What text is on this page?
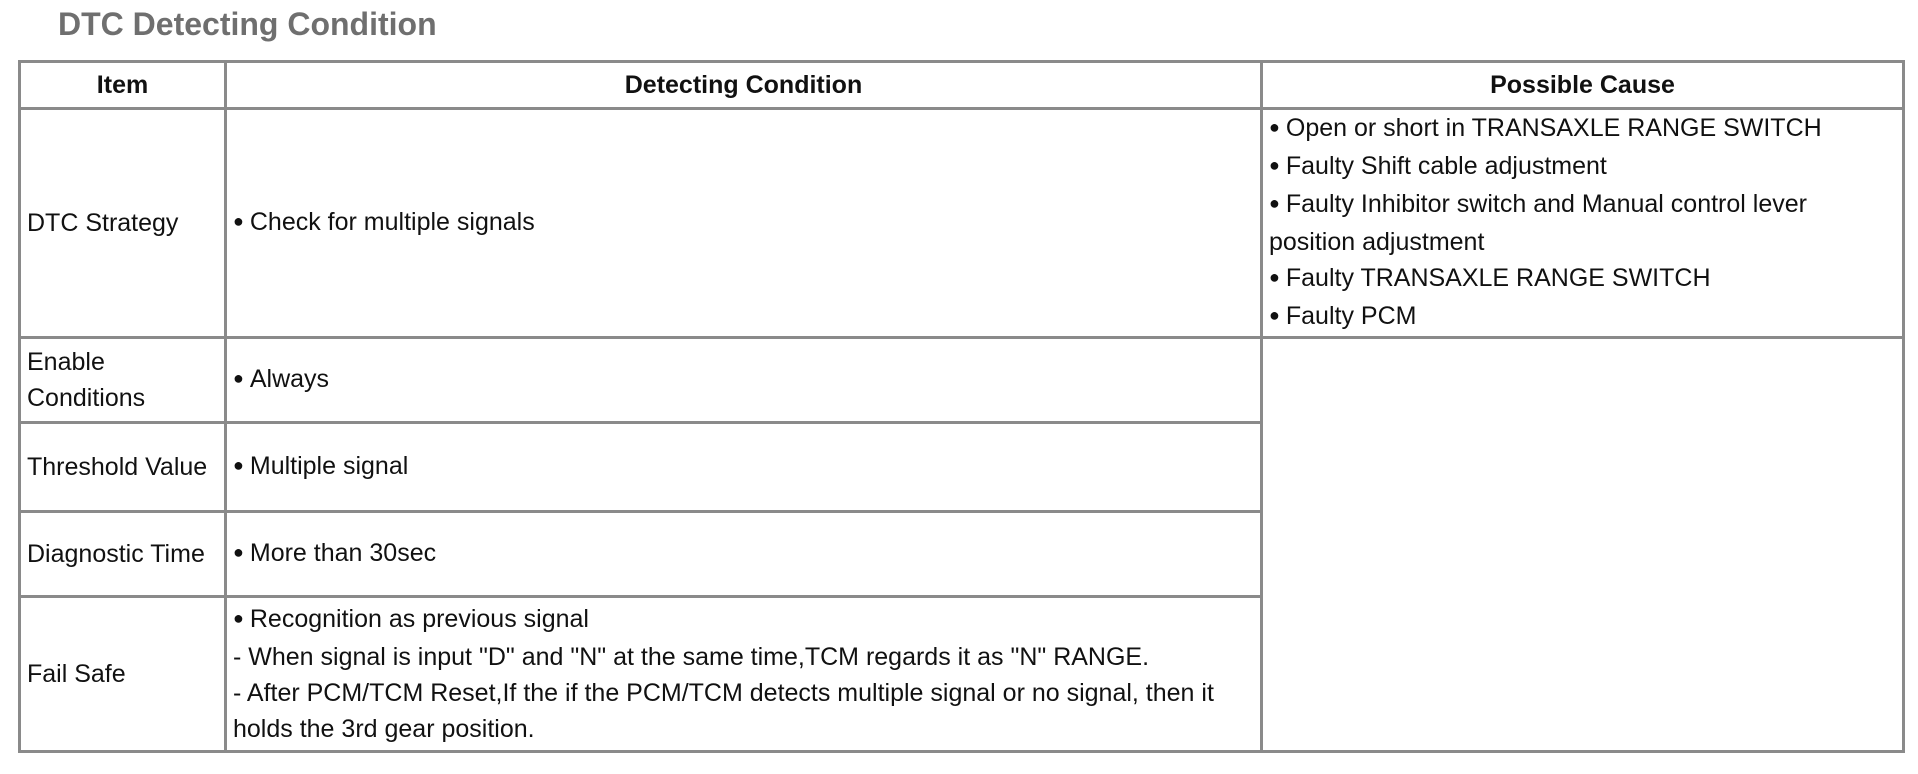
DTC Detecting Condition
Item	Detecting Condition	Possible Cause
DTC Strategy	● Check for multiple signals	● Open or short in TRANSAXLE RANGE SWITCH
● Faulty Shift cable adjustment
● Faulty Inhibitor switch and Manual control lever position adjustment
● Faulty TRANSAXLE RANGE SWITCH
● Faulty PCM

Enable Conditions	● Always

Threshold Value	● Multiple signal

Diagnostic Time	● More than 30sec

Fail Safe	● Recognition as previous signal
- When signal is input "D" and "N" at the same time,TCM regards it as "N" RANGE.
- After PCM/TCM Reset,If the if the PCM/TCM detects multiple signal or no signal, then it holds the 3rd gear position.
